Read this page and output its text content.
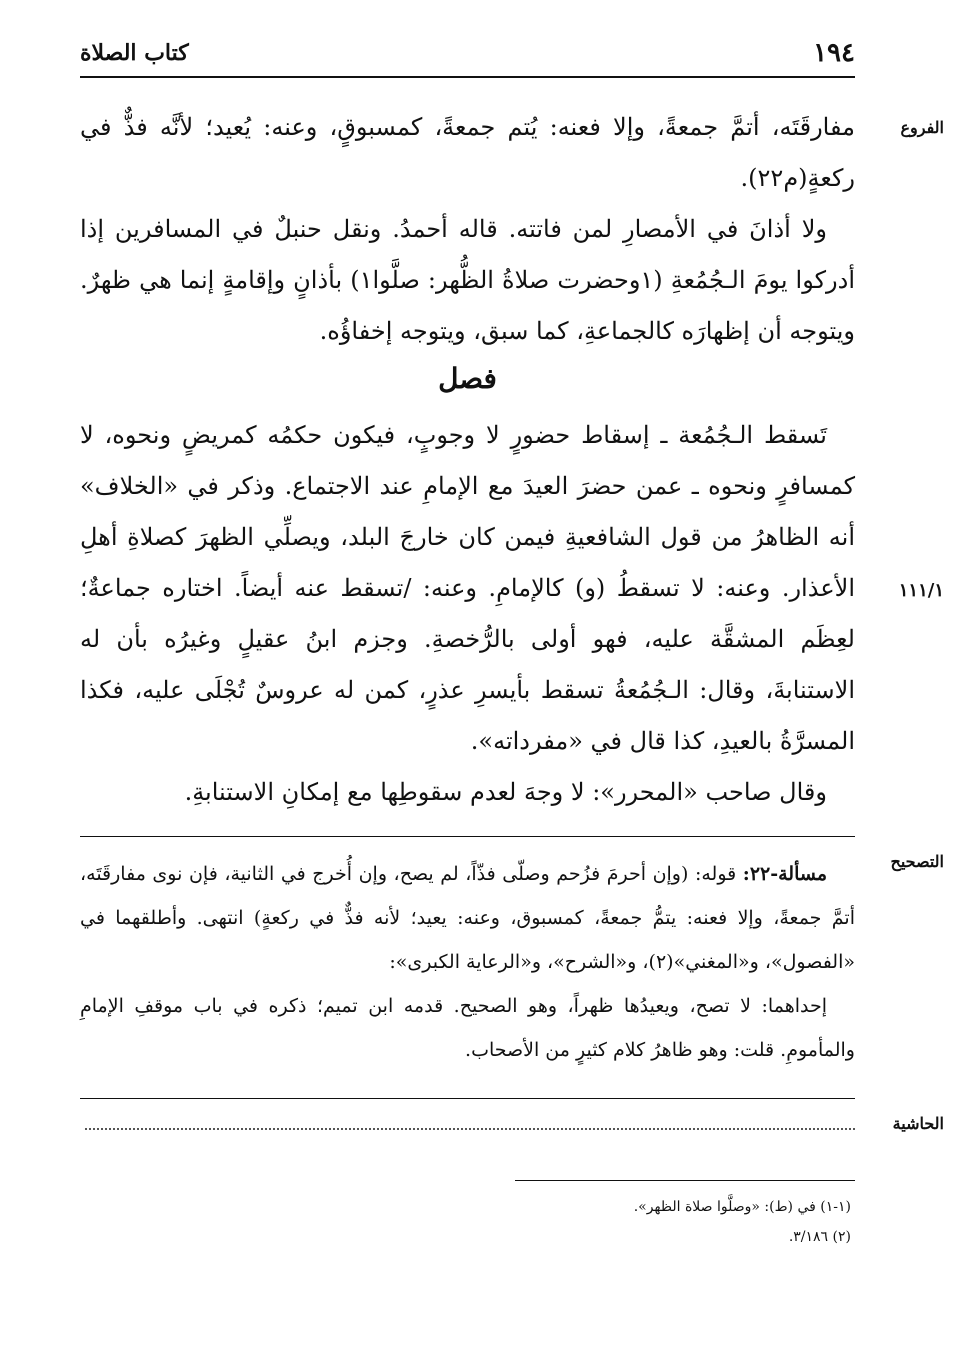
١٩٤
كتاب الصلاة
الفروع
١١١/١

مفارقَتَه، أتمَّ جمعةً، وإلا فعنه: يُتم جمعةً، كمسبوقٍ، وعنه: يُعيد؛ لأنَّه فذٌّ في ركعةٍ(م٢٢).

ولا أذانَ في الأمصارِ لمن فاتته. قاله أحمدُ. ونقل حنبلٌ في المسافرين إذا أدركوا يومَ الـجُمُعةِ (١وحضرت صلاةُ الظُّهر: صلَّوا١) بأذانٍ وإقامةٍ إنما هي ظهرٌ. ويتوجه أن إظهارَه كالجماعةِ، كما سبق، ويتوجه إخفاؤُه.

فصل

تَسقط الـجُمُعة ـ إسقاط حضورٍ لا وجوبٍ، فيكون حكمُه كمريضٍ ونحوه، لا كمسافرٍ ونحوه ـ عمن حضرَ العيدَ مع الإمامِ عند الاجتماع. وذكر في «الخلاف» أنه الظاهرُ من قول الشافعيةِ فيمن كان خارجَ البلد، ويصلِّي الظهرَ كصلاةِ أهلِ الأعذار. وعنه: لا تسقطُ (و) كالإمامِ. وعنه: /تسقط عنه أيضاً. اختاره جماعةٌ؛ لعِظَم المشقَّة عليه، فهو أولى بالرُّخصةِ. وجزم ابنُ عقيلٍ وغيرُه بأن له الاستنابةَ، وقال: الـجُمُعةُ تسقط بأيسرِ عذرٍ، كمن له عروسٌ تُجْلَى عليه، فكذا المسرَّةُ بالعيدِ، كذا قال في «مفرداته».

وقال صاحب «المحرر»: لا وجهَ لعدم سقوطِها مع إمكانِ الاستنابةِ.

التصحيح

مسألة-٢٢: قوله: (وإن أحرمَ فزُحم وصلّى فذّاً، لم يصح، وإن أُخرج في الثانية، فإن نوى مفارقَتَه، أتمَّ جمعةً، وإلا فعنه: يتمُّ جمعةً، كمسبوق، وعنه: يعيد؛ لأنه فذٌّ في ركعةٍ) انتهى. وأطلقهما في «الفصول»، و«المغني»(٢)، و«الشرح»، و«الرعاية الكبرى»:

إحداهما: لا تصح، ويعيدُها ظهراً، وهو الصحيح. قدمه ابن تميم؛ ذكره في باب موقفِ الإمامِ والمأمومِ. قلت: وهو ظاهرُ كلام كثيرٍ من الأصحاب.

الحاشية
(١-١) في (ط): «وصلَّوا صلاة الظهر».
(٢) ٣/١٨٦.
